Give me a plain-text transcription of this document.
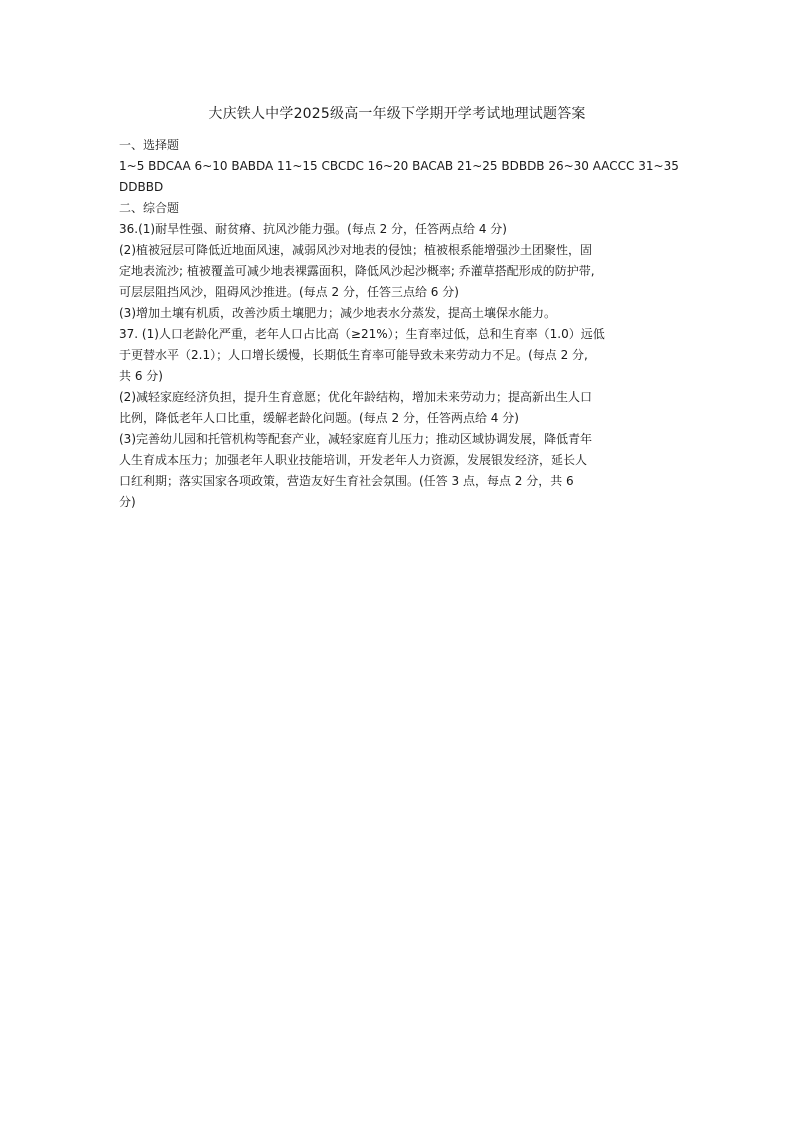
大庆铁人中学2025级高一年级下学期开学考试地理试题答案
一、选择题
1~5 BDCAA 6~10 BABDA 11~15 CBCDC 16~20 BACAB 21~25 BDBDB 26~30 AACCC 31~35
DDBBD
二、综合题
36.(1)耐旱性强、耐贫瘠、抗风沙能力强。(每点 2 分，任答两点给 4 分)
(2)植被冠层可降低近地面风速，减弱风沙对地表的侵蚀；植被根系能增强沙土团聚性，固
定地表流沙; 植被覆盖可减少地表裸露面积，降低风沙起沙概率; 乔灌草搭配形成的防护带,
可层层阻挡风沙，阻碍风沙推进。(每点 2 分，任答三点给 6 分)
(3)增加土壤有机质，改善沙质土壤肥力；减少地表水分蒸发，提高土壤保水能力。
37. (1)人口老龄化严重，老年人口占比高（≥21%）；生育率过低，总和生育率（1.0）远低
于更替水平（2.1）；人口增长缓慢，长期低生育率可能导致未来劳动力不足。(每点 2 分,
共 6 分)
(2)减轻家庭经济负担，提升生育意愿；优化年龄结构，增加未来劳动力；提高新出生人口
比例，降低老年人口比重，缓解老龄化问题。(每点 2 分，任答两点给 4 分)
(3)完善幼儿园和托管机构等配套产业，减轻家庭育儿压力；推动区域协调发展，降低青年
人生育成本压力；加强老年人职业技能培训，开发老年人力资源，发展银发经济，延长人
口红利期；落实国家各项政策，营造友好生育社会氛围。(任答 3 点，每点 2 分，共 6
分)
